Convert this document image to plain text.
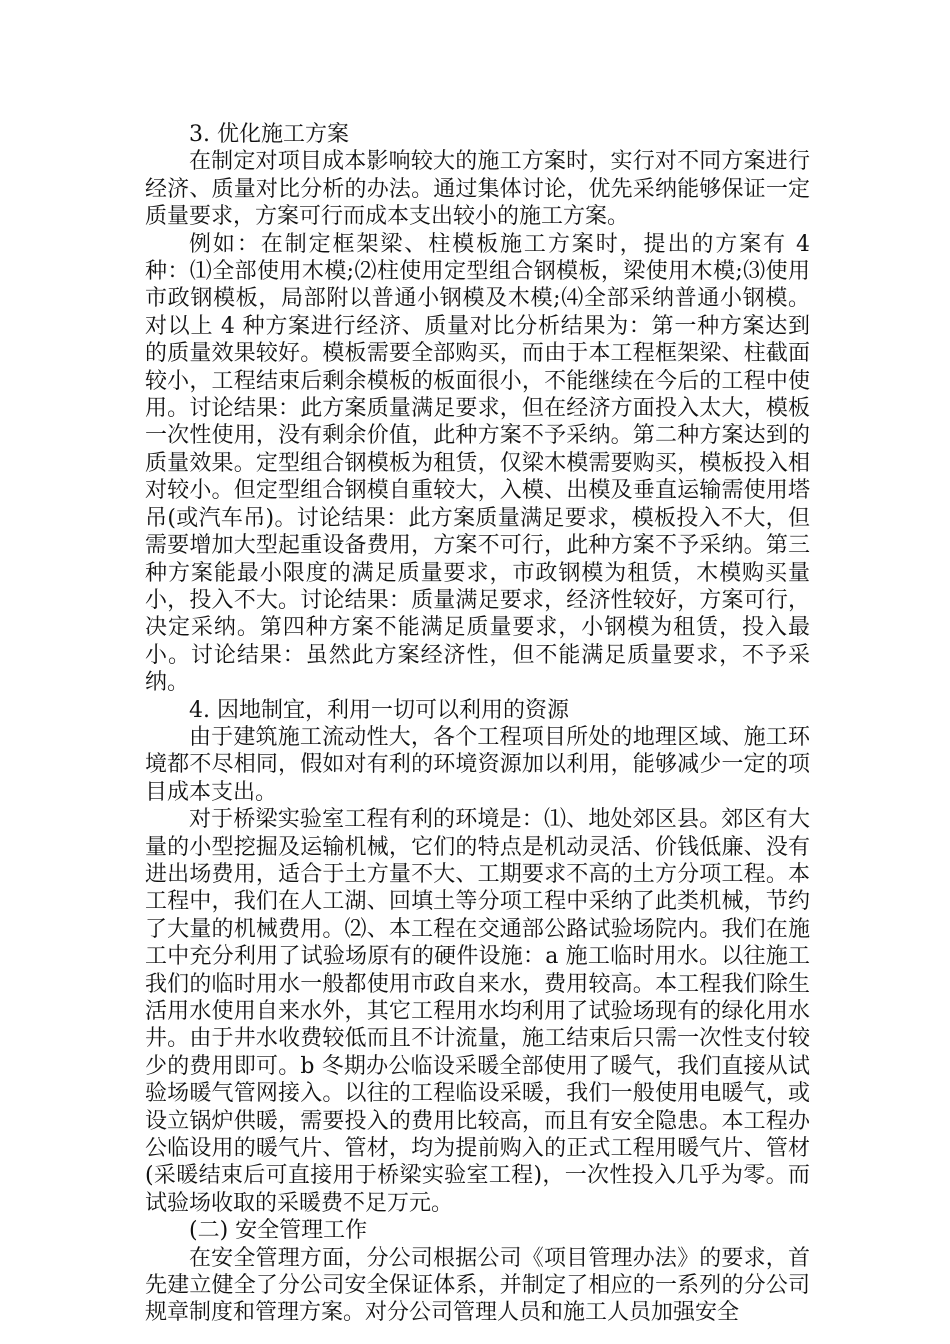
3. 优化施工方案

在制定对项目成本影响较大的施工方案时，实行对不同方案进行经济、质量对比分析的办法。通过集体讨论，优先采纳能够保证一定质量要求，方案可行而成本支出较小的施工方案。

例如：在制定框架梁、柱模板施工方案时，提出的方案有 4 种：⑴全部使用木模;⑵柱使用定型组合钢模板，梁使用木模;⑶使用市政钢模板，局部附以普通小钢模及木模;⑷全部采纳普通小钢模。对以上 4 种方案进行经济、质量对比分析结果为：第一种方案达到的质量效果较好。模板需要全部购买，而由于本工程框架梁、柱截面较小，工程结束后剩余模板的板面很小，不能继续在今后的工程中使用。讨论结果：此方案质量满足要求，但在经济方面投入太大，模板一次性使用，没有剩余价值，此种方案不予采纳。第二种方案达到的质量效果。定型组合钢模板为租赁，仅梁木模需要购买，模板投入相对较小。但定型组合钢模自重较大，入模、出模及垂直运输需使用塔吊(或汽车吊)。讨论结果：此方案质量满足要求，模板投入不大，但需要增加大型起重设备费用，方案不可行，此种方案不予采纳。第三种方案能最小限度的满足质量要求，市政钢模为租赁，木模购买量小，投入不大。讨论结果：质量满足要求，经济性较好，方案可行，决定采纳。第四种方案不能满足质量要求，小钢模为租赁，投入最小。讨论结果：虽然此方案经济性，但不能满足质量要求，不予采纳。

4. 因地制宜，利用一切可以利用的资源

由于建筑施工流动性大，各个工程项目所处的地理区域、施工环境都不尽相同，假如对有利的环境资源加以利用，能够减少一定的项目成本支出。

对于桥梁实验室工程有利的环境是：⑴、地处郊区县。郊区有大量的小型挖掘及运输机械，它们的特点是机动灵活、价钱低廉、没有进出场费用，适合于土方量不大、工期要求不高的土方分项工程。本工程中，我们在人工湖、回填土等分项工程中采纳了此类机械，节约了大量的机械费用。⑵、本工程在交通部公路试验场院内。我们在施工中充分利用了试验场原有的硬件设施：a 施工临时用水。以往施工我们的临时用水一般都使用市政自来水，费用较高。本工程我们除生活用水使用自来水外，其它工程用水均利用了试验场现有的绿化用水井。由于井水收费较低而且不计流量，施工结束后只需一次性支付较少的费用即可。b 冬期办公临设采暖全部使用了暖气，我们直接从试验场暖气管网接入。以往的工程临设采暖，我们一般使用电暖气，或设立锅炉供暖，需要投入的费用比较高，而且有安全隐患。本工程办公临设用的暖气片、管材，均为提前购入的正式工程用暖气片、管材(采暖结束后可直接用于桥梁实验室工程)，一次性投入几乎为零。而试验场收取的采暖费不足万元。

(二) 安全管理工作

在安全管理方面，分公司根据公司《项目管理办法》的要求，首先建立健全了分公司安全保证体系，并制定了相应的一系列的分公司规章制度和管理方案。对分公司管理人员和施工人员加强安全
